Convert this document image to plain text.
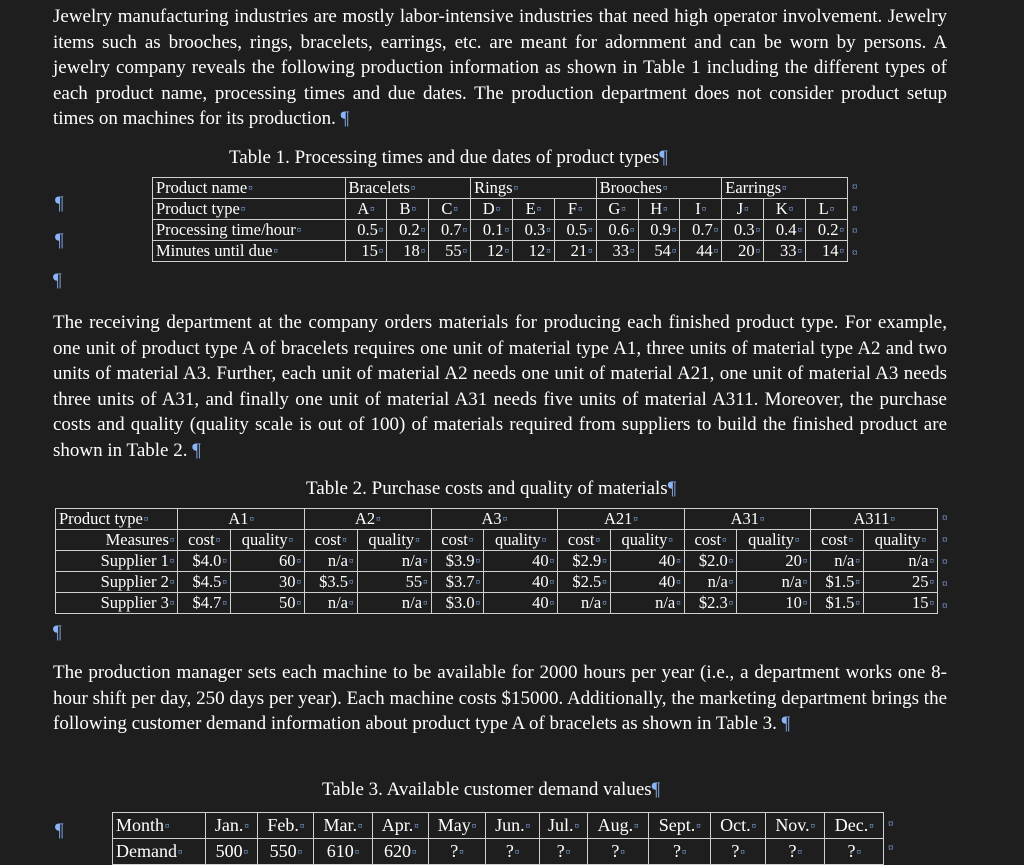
Jewelry manufacturing industries are mostly labor-intensive industries that need high operator involvement. Jewelry items such as brooches, rings, bracelets, earrings, etc. are meant for adornment and can be worn by persons. A jewelry company reveals the following production information as shown in Table 1 including the different types of each product name, processing times and due dates. The production department does not consider product setup times on machines for its production. ¶

Table 1. Processing times and due dates of product types¶
¶
¶
Product name¤	Bracelets¤			Rings¤			Brooches¤			Earrings¤		
Product type¤	A¤	B¤	C¤	D¤	E¤	F¤	G¤	H¤	I¤	J¤	K¤	L¤
Processing time/hour¤	0.5¤	0.2¤	0.7¤	0.1¤	0.3¤	0.5¤	0.6¤	0.9¤	0.7¤	0.3¤	0.4¤	0.2¤
Minutes until due¤	15¤	18¤	55¤	12¤	12¤	21¤	33¤	54¤	44¤	20¤	33¤	14¤
¤
¤
¤
¤
¶

The receiving department at the company orders materials for producing each finished product type. For example, one unit of product type A of bracelets requires one unit of material type A1, three units of material type A2 and two units of material A3. Further, each unit of material A2 needs one unit of material A21, one unit of material A3 needs three units of A31, and finally one unit of material A31 needs five units of material A311. Moreover, the purchase costs and quality (quality scale is out of 100) of materials required from suppliers to build the finished product are shown in Table 2. ¶

Table 2. Purchase costs and quality of materials¶
Product type¤	A1¤		A2¤		A3¤		A21¤		A31¤		A311¤	
Measures¤	cost¤	quality¤	cost¤	quality¤	cost¤	quality¤	cost¤	quality¤	cost¤	quality¤	cost¤	quality¤
Supplier 1¤	$4.0¤	60¤	n/a¤	n/a¤	$3.9¤	40¤	$2.9¤	40¤	$2.0¤	20¤	n/a¤	n/a¤
Supplier 2¤	$4.5¤	30¤	$3.5¤	55¤	$3.7¤	40¤	$2.5¤	40¤	n/a¤	n/a¤	$1.5¤	25¤
Supplier 3¤	$4.7¤	50¤	n/a¤	n/a¤	$3.0¤	40¤	n/a¤	n/a¤	$2.3¤	10¤	$1.5¤	15¤
¤
¤
¤
¤
¤
¶

The production manager sets each machine to be available for 2000 hours per year (i.e., a department works one 8-hour shift per day, 250 days per year). Each machine costs $15000. Additionally, the marketing department brings the following customer demand information about product type A of bracelets as shown in Table 3. ¶

Table 3. Available customer demand values¶
¶	Month¤	Jan.¤	Feb.¤	Mar.¤	Apr.¤	May¤	Jun.¤	Jul.¤	Aug.¤	Sept.¤	Oct.¤	Nov.¤	Dec.¤
Demand¤	500¤	550¤	610¤	620¤	?¤	?¤	?¤	?¤	?¤	?¤	?¤	?¤
¤
¤
